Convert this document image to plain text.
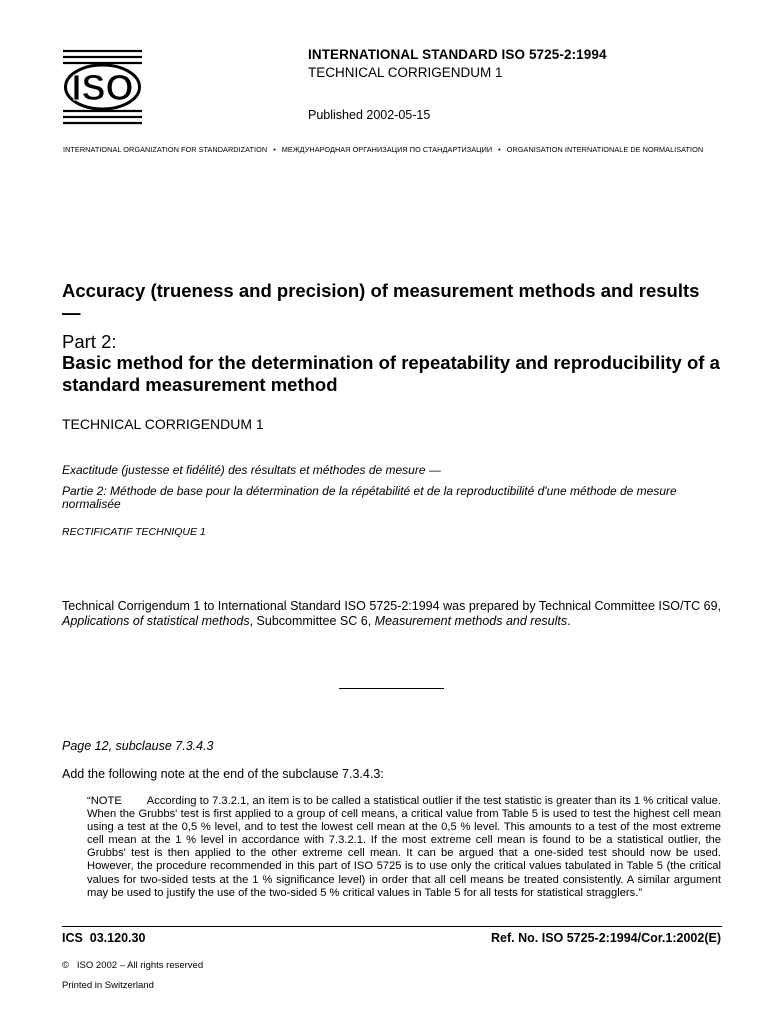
ISO
INTERNATIONAL STANDARD ISO 5725-2:1994
TECHNICAL CORRIGENDUM 1
Published 2002-05-15
INTERNATIONAL ORGANIZATION FOR STANDARDIZATION • МЕЖДУНАРОДНАЯ ОРГАНИЗАЦИЯ ПО СТАНДАРТИЗАЦИИ • ORGANISATION INTERNATIONALE DE NORMALISATION
Accuracy (trueness and precision) of measurement methods and results —
Part 2:
Basic method for the determination of repeatability and reproducibility of a standard measurement method
TECHNICAL CORRIGENDUM 1
Exactitude (justesse et fidélité) des résultats et méthodes de mesure —
Partie 2: Méthode de base pour la détermination de la répétabilité et de la reproductibilité d'une méthode de mesure normalisée
RECTIFICATIF TECHNIQUE 1
Technical Corrigendum 1 to International Standard ISO 5725-2:1994 was prepared by Technical Committee ISO/TC 69, Applications of statistical methods, Subcommittee SC 6, Measurement methods and results.
Page 12, subclause 7.3.4.3
Add the following note at the end of the subclause 7.3.4.3:
“NOTE According to 7.3.2.1, an item is to be called a statistical outlier if the test statistic is greater than its 1 % critical value. When the Grubbs' test is first applied to a group of cell means, a critical value from Table 5 is used to test the highest cell mean using a test at the 0,5 % level, and to test the lowest cell mean at the 0,5 % level. This amounts to a test of the most extreme cell mean at the 1 % level in accordance with 7.3.2.1. If the most extreme cell mean is found to be a statistical outlier, the Grubbs' test is then applied to the other extreme cell mean. It can be argued that a one-sided test should now be used. However, the procedure recommended in this part of ISO 5725 is to use only the critical values tabulated in Table 5 (the critical values for two-sided tests at the 1 % significance level) in order that all cell means be treated consistently. A similar argument may be used to justify the use of the two-sided 5 % critical values in Table 5 for all tests for statistical stragglers.”
ICS  03.120.30	Ref. No. ISO 5725-2:1994/Cor.1:2002(E)
©   ISO 2002 – All rights reserved
Printed in Switzerland
